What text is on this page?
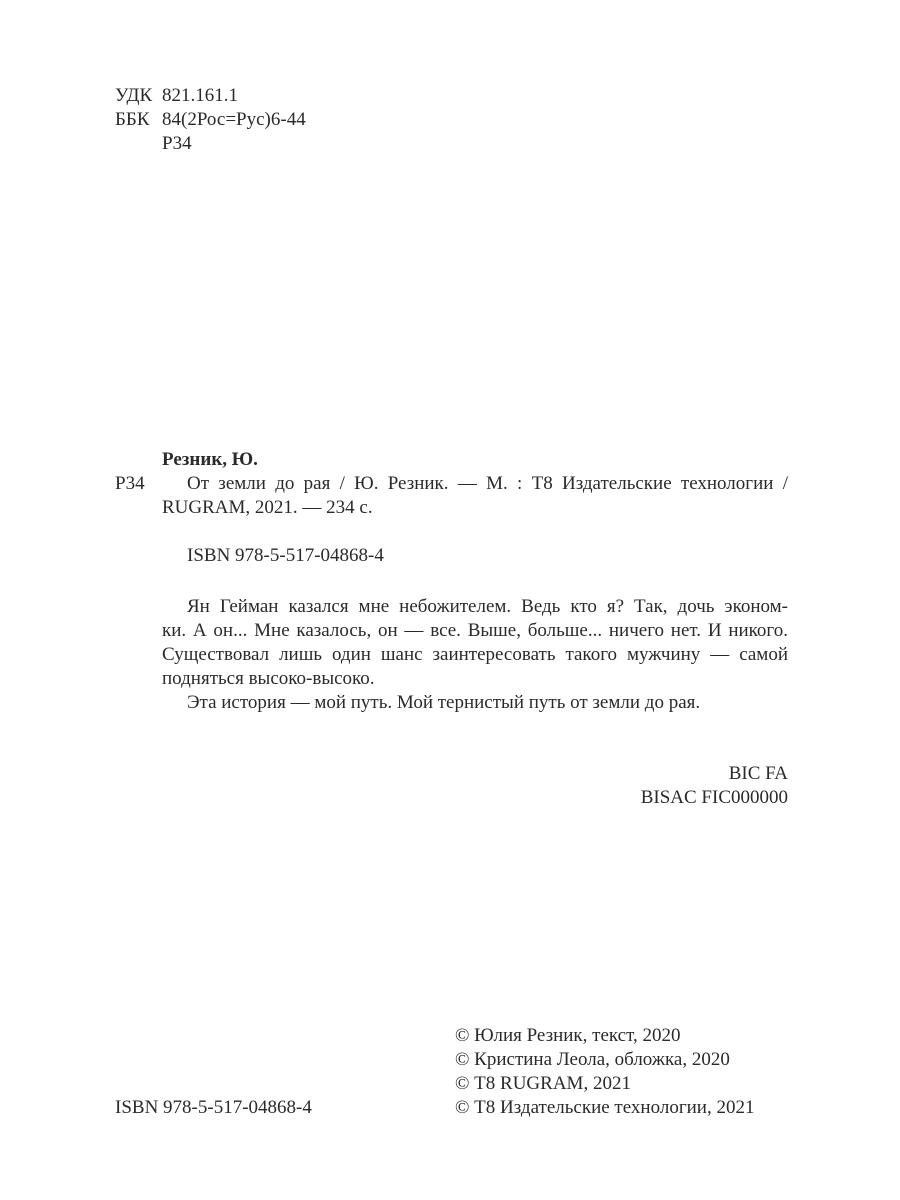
УДК 821.161.1
ББК 84(2Рос=Рус)6-44
Р34
Резник, Ю.
Р34 От земли до рая / Ю. Резник. — М. : Т8 Издательские технологии /
RUGRAM, 2021. — 234 с.
ISBN 978-5-517-04868-4
Ян Гейман казался мне небожителем. Ведь кто я? Так, дочь эконом-
ки. А он... Мне казалось, он — все. Выше, больше... ничего нет. И никого.
Существовал лишь один шанс заинтересовать такого мужчину — самой
подняться высоко-высоко.
Эта история — мой путь. Мой тернистый путь от земли до рая.
BIC FA
BISAC FIC000000
© Юлия Резник, текст, 2020
© Кристина Леола, обложка, 2020
© Т8 RUGRAM, 2021
© Т8 Издательские технологии, 2021
ISBN 978-5-517-04868-4
